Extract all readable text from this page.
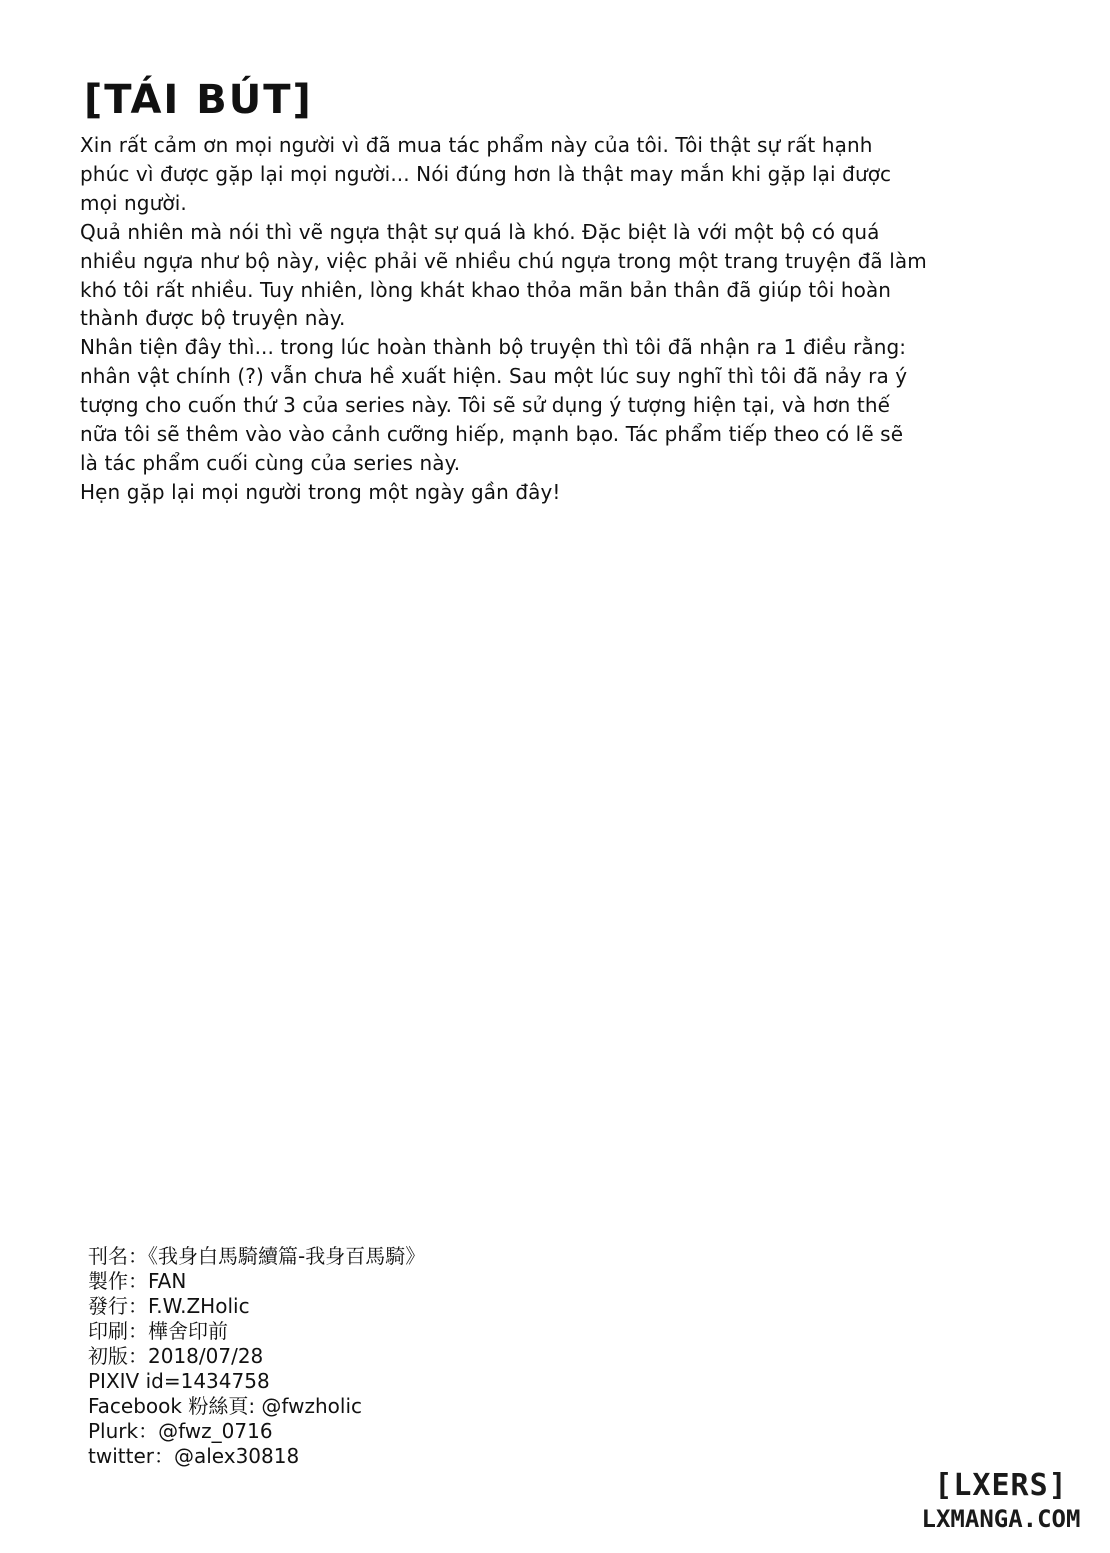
[TÁI BÚT]
Xin rất cảm ơn mọi người vì đã mua tác phẩm này của tôi. Tôi thật sự rất hạnh
phúc vì được gặp lại mọi người... Nói đúng hơn là thật may mắn khi gặp lại được
mọi người.
Quả nhiên mà nói thì vẽ ngựa thật sự quá là khó. Đặc biệt là với một bộ có quá
nhiều ngựa như bộ này, việc phải vẽ nhiều chú ngựa trong một trang truyện đã làm
khó tôi rất nhiều. Tuy nhiên, lòng khát khao thỏa mãn bản thân đã giúp tôi hoàn
thành được bộ truyện này.
Nhân tiện đây thì... trong lúc hoàn thành bộ truyện thì tôi đã nhận ra 1 điều rằng:
nhân vật chính (?) vẫn chưa hề xuất hiện. Sau một lúc suy nghĩ thì tôi đã nảy ra ý
tượng cho cuốn thứ 3 của series này. Tôi sẽ sử dụng ý tượng hiện tại, và hơn thế
nữa tôi sẽ thêm vào vào cảnh cưỡng hiếp, mạnh bạo. Tác phẩm tiếp theo có lẽ sẽ
là tác phẩm cuối cùng của series này.
Hẹn gặp lại mọi người trong một ngày gần đây!
刊名：《我身白馬騎續篇-我身百馬騎》
製作：FAN
發行：F.W.ZHolic
印刷：樺舍印前
初版：2018/07/28
PIXIV id=1434758
Facebook 粉絲頁: @fwzholic
Plurk：@fwz_0716
twitter：@alex30818
[LXERS]
LXMANGA.COM
